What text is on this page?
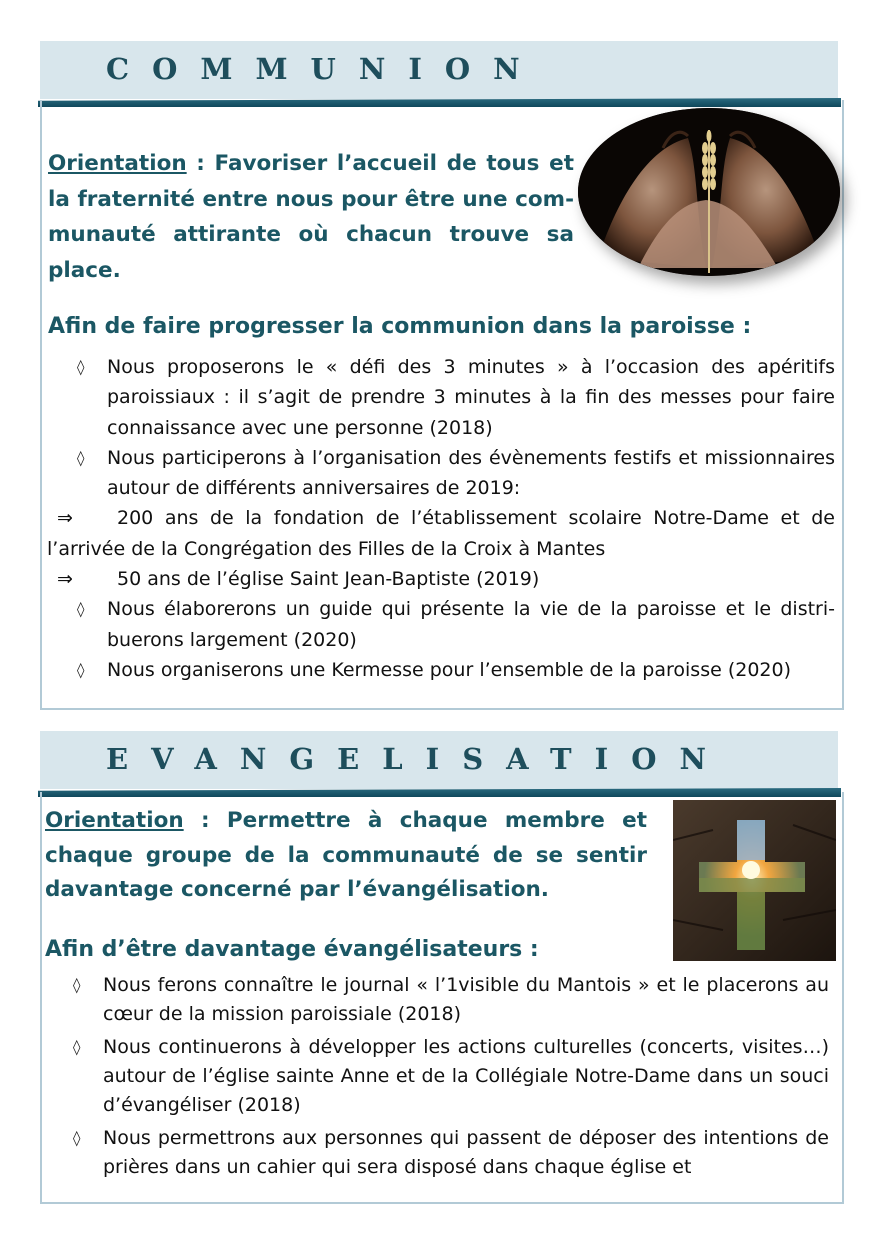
COMMUNION

Orientation : Favoriser l’accueil de tous et la fraternité entre nous pour être une communauté attirante où chacun trouve sa place.

Afin de faire progresser la communion dans la paroisse :

◊ Nous proposerons le « défi des 3 minutes » à l’occasion des apéritifs paroissiaux : il s’agit de prendre 3 minutes à la fin des messes pour faire connaissance avec une personne (2018)
◊ Nous participerons à l’organisation des évènements festifs et missionnaires autour de différents anniversaires de 2019:
⇒ 200 ans de la fondation de l’établissement scolaire Notre-Dame et de l’arrivée de la Congrégation des Filles de la Croix à Mantes
⇒ 50 ans de l’église Saint Jean-Baptiste (2019)
◊ Nous élaborerons un guide qui présente la vie de la paroisse et le distribuerons largement (2020)
◊ Nous organiserons une Kermesse pour l’ensemble de la paroisse (2020)
EVANGELISATION

Orientation : Permettre à chaque membre et chaque groupe de la communauté de se sentir davantage concerné par l’évangélisation.

Afin d’être davantage évangélisateurs :

◊ Nous ferons connaître le journal « l’1visible du Mantois » et le placerons au cœur de la mission paroissiale (2018)
◊ Nous continuerons à développer les actions culturelles (concerts, visites…) autour de l’église sainte Anne et de la Collégiale Notre-Dame dans un souci d’évangéliser (2018)
◊ Nous permettrons aux personnes qui passent de déposer des intentions de prières dans un cahier qui sera disposé dans chaque église et
